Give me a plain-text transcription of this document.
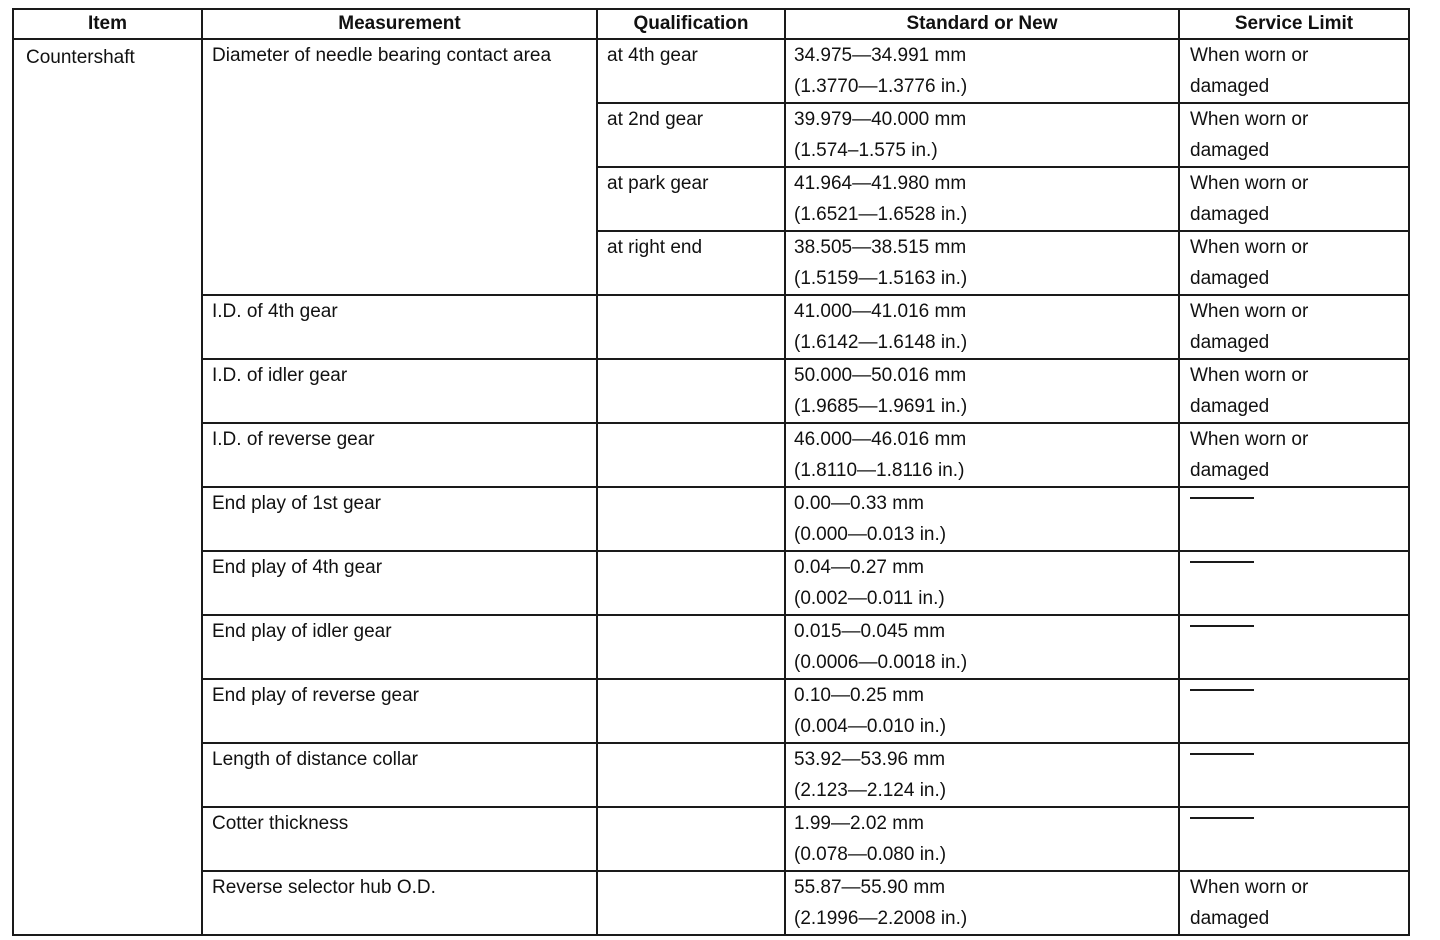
Item	Measurement	Qualification	Standard or New	Service Limit

Countershaft	Diameter of needle bearing contact area	at 4th gear	34.975—34.991 mm
(1.3770—1.3776 in.)	When worn or
damaged

		at 2nd gear	39.979—40.000 mm
(1.574–1.575 in.)	When worn or
damaged

		at park gear	41.964—41.980 mm
(1.6521—1.6528 in.)	When worn or
damaged

		at right end	38.505—38.515 mm
(1.5159—1.5163 in.)	When worn or
damaged

	I.D. of 4th gear		41.000—41.016 mm
(1.6142—1.6148 in.)	When worn or
damaged

	I.D. of idler gear		50.000—50.016 mm
(1.9685—1.9691 in.)	When worn or
damaged

	I.D. of reverse gear		46.000—46.016 mm
(1.8110—1.8116 in.)	When worn or
damaged

	End play of 1st gear		0.00—0.33 mm
(0.000—0.013 in.)	

	End play of 4th gear		0.04—0.27 mm
(0.002—0.011 in.)	

	End play of idler gear		0.015—0.045 mm
(0.0006—0.0018 in.)	

	End play of reverse gear		0.10—0.25 mm
(0.004—0.010 in.)	

	Length of distance collar		53.92—53.96 mm
(2.123—2.124 in.)	

	Cotter thickness		1.99—2.02 mm
(0.078—0.080 in.)	

	Reverse selector hub O.D.		55.87—55.90 mm
(2.1996—2.2008 in.)	When worn or
damaged
